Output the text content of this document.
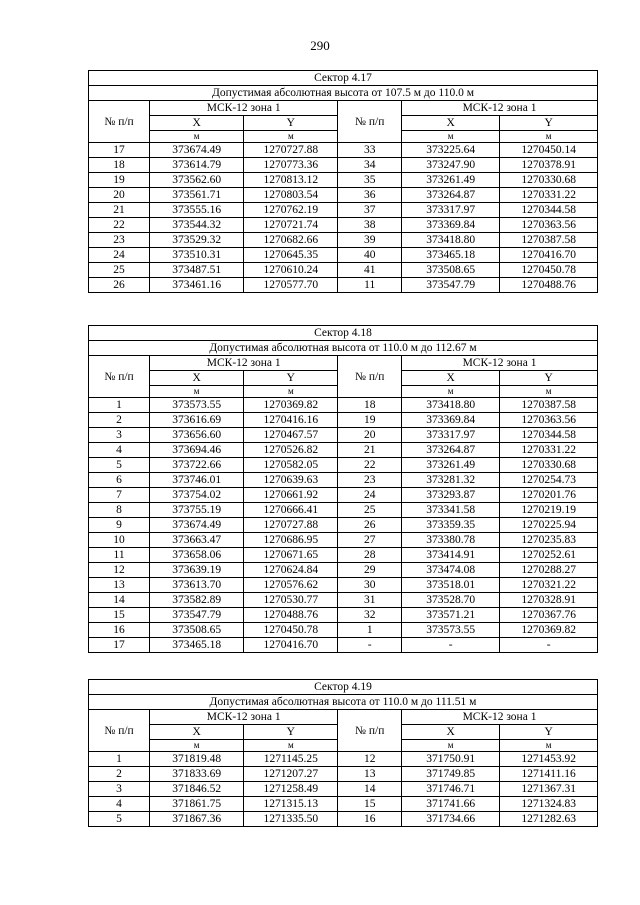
290
Сектор 4.17					
Допустимая абсолютная высота от 107.5 м до 110.0 м					
№ п/п	МСК-12 зона 1		№ п/п	МСК-12 зона 1	
	X	Y		X	Y
	м	м		м	м
17	373674.49	1270727.88	33	373225.64	1270450.14
18	373614.79	1270773.36	34	373247.90	1270378.91
19	373562.60	1270813.12	35	373261.49	1270330.68
20	373561.71	1270803.54	36	373264.87	1270331.22
21	373555.16	1270762.19	37	373317.97	1270344.58
22	373544.32	1270721.74	38	373369.84	1270363.56
23	373529.32	1270682.66	39	373418.80	1270387.58
24	373510.31	1270645.35	40	373465.18	1270416.70
25	373487.51	1270610.24	41	373508.65	1270450.78
26	373461.16	1270577.70	11	373547.79	1270488.76
Сектор 4.18					
Допустимая абсолютная высота от 110.0 м до 112.67 м					
№ п/п	МСК-12 зона 1		№ п/п	МСК-12 зона 1	
	X	Y		X	Y
	м	м		м	м
1	373573.55	1270369.82	18	373418.80	1270387.58
2	373616.69	1270416.16	19	373369.84	1270363.56
3	373656.60	1270467.57	20	373317.97	1270344.58
4	373694.46	1270526.82	21	373264.87	1270331.22
5	373722.66	1270582.05	22	373261.49	1270330.68
6	373746.01	1270639.63	23	373281.32	1270254.73
7	373754.02	1270661.92	24	373293.87	1270201.76
8	373755.19	1270666.41	25	373341.58	1270219.19
9	373674.49	1270727.88	26	373359.35	1270225.94
10	373663.47	1270686.95	27	373380.78	1270235.83
11	373658.06	1270671.65	28	373414.91	1270252.61
12	373639.19	1270624.84	29	373474.08	1270288.27
13	373613.70	1270576.62	30	373518.01	1270321.22
14	373582.89	1270530.77	31	373528.70	1270328.91
15	373547.79	1270488.76	32	373571.21	1270367.76
16	373508.65	1270450.78	1	373573.55	1270369.82
17	373465.18	1270416.70	-	-	-
Сектор 4.19					
Допустимая абсолютная высота от 110.0 м до 111.51 м					
№ п/п	МСК-12 зона 1		№ п/п	МСК-12 зона 1	
	X	Y		X	Y
	м	м		м	м
1	371819.48	1271145.25	12	371750.91	1271453.92
2	371833.69	1271207.27	13	371749.85	1271411.16
3	371846.52	1271258.49	14	371746.71	1271367.31
4	371861.75	1271315.13	15	371741.66	1271324.83
5	371867.36	1271335.50	16	371734.66	1271282.63
